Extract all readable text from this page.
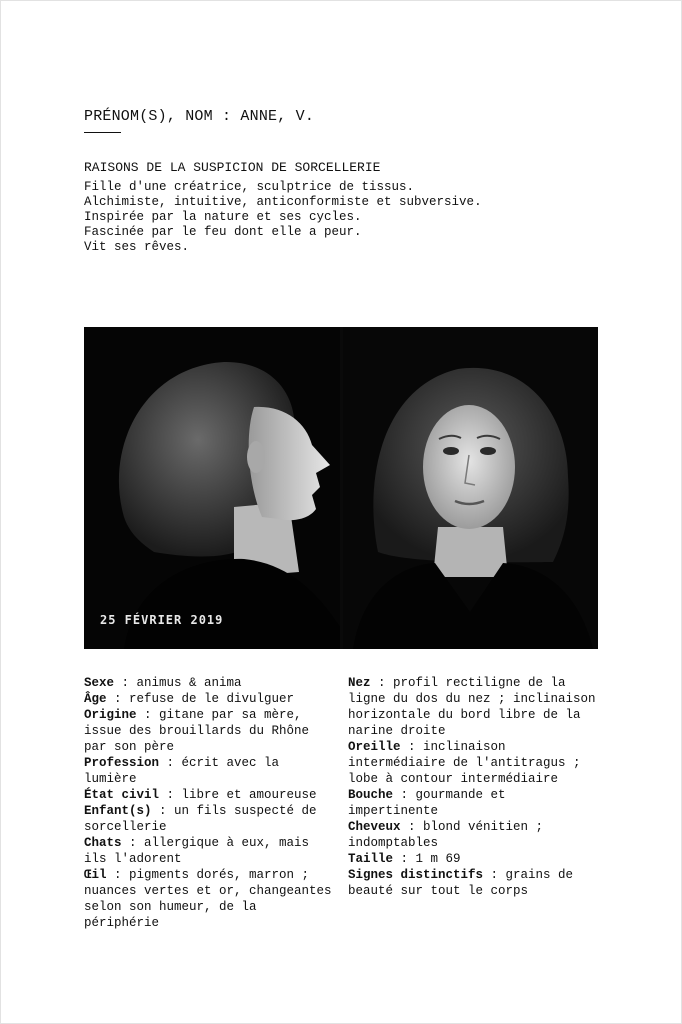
PRÉNOM(S), NOM : ANNE, V.
RAISONS DE LA SUSPICION DE SORCELLERIE
Fille d'une créatrice, sculptrice de tissus.
Alchimiste, intuitive, anticonformiste et subversive.
Inspirée par la nature et ses cycles.
Fascinée par le feu dont elle a peur.
Vit ses rêves.
25 FÉVRIER 2019
Sexe : animus & anima
Âge : refuse de le divulguer
Origine : gitane par sa mère, issue des brouillards du Rhône par son père
Profession : écrit avec la lumière
État civil : libre et amoureuse
Enfant(s) : un fils suspecté de sorcellerie
Chats : allergique à eux, mais ils l'adorent
Œil : pigments dorés, marron ; nuances vertes et or, changeantes selon son humeur, de la périphérie
Nez : profil rectiligne de la ligne du dos du nez ; inclinaison horizontale du bord libre de la narine droite
Oreille : inclinaison intermédiaire de l'antitragus ; lobe à contour intermédiaire
Bouche : gourmande et impertinente
Cheveux : blond vénitien ; indomptables
Taille : 1 m 69
Signes distinctifs : grains de beauté sur tout le corps
